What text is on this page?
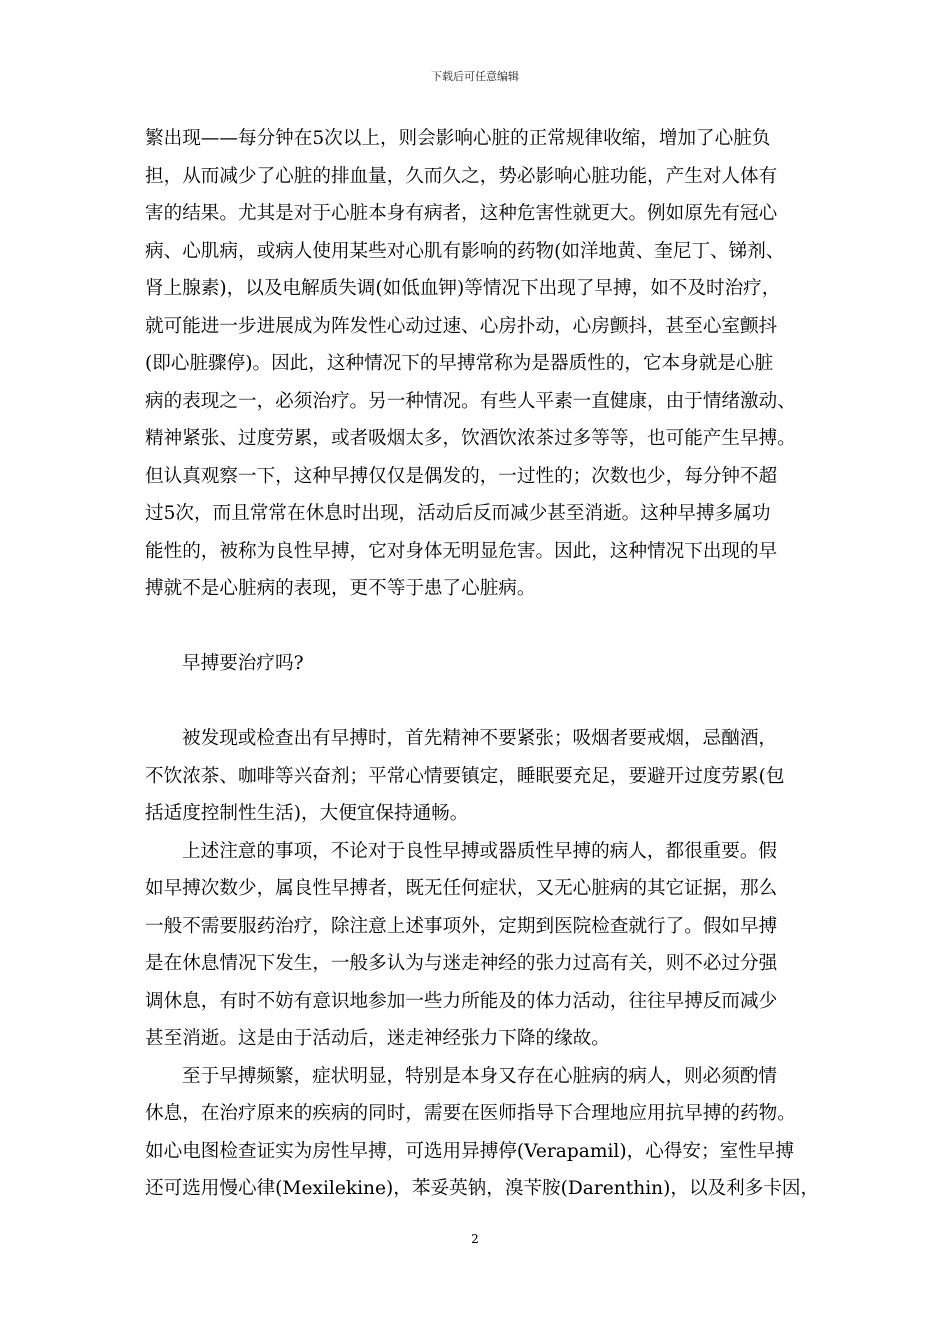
下载后可任意编辑
繁出现——每分钟在5次以上，则会影响心脏的正常规律收缩，增加了心脏负
担，从而减少了心脏的排血量，久而久之，势必影响心脏功能，产生对人体有
害的结果。尤其是对于心脏本身有病者，这种危害性就更大。例如原先有冠心
病、心肌病，或病人使用某些对心肌有影响的药物(如洋地黄、奎尼丁、锑剂、
肾上腺素)，以及电解质失调(如低血钾)等情况下出现了早搏，如不及时治疗，
就可能进一步进展成为阵发性心动过速、心房扑动，心房颤抖，甚至心室颤抖
(即心脏骤停)。因此，这种情况下的早搏常称为是器质性的，它本身就是心脏
病的表现之一，必须治疗。另一种情况。有些人平素一直健康，由于情绪激动、
精神紧张、过度劳累，或者吸烟太多，饮酒饮浓茶过多等等，也可能产生早搏。
但认真观察一下，这种早搏仅仅是偶发的，一过性的；次数也少，每分钟不超
过5次，而且常常在休息时出现，活动后反而减少甚至消逝。这种早搏多属功
能性的，被称为良性早搏，它对身体无明显危害。因此，这种情况下出现的早
搏就不是心脏病的表现，更不等于患了心脏病。
早搏要治疗吗?
被发现或检查出有早搏时，首先精神不要紧张；吸烟者要戒烟，忌酗酒，
不饮浓茶、咖啡等兴奋剂；平常心情要镇定，睡眠要充足，要避开过度劳累(包
括适度控制性生活)，大便宜保持通畅。
上述注意的事项，不论对于良性早搏或器质性早搏的病人，都很重要。假
如早搏次数少，属良性早搏者，既无任何症状，又无心脏病的其它证据，那么
一般不需要服药治疗，除注意上述事项外，定期到医院检查就行了。假如早搏
是在休息情况下发生，一般多认为与迷走神经的张力过高有关，则不必过分强
调休息，有时不妨有意识地参加一些力所能及的体力活动，往往早搏反而减少
甚至消逝。这是由于活动后，迷走神经张力下降的缘故。
至于早搏频繁，症状明显，特别是本身又存在心脏病的病人，则必须酌情
休息，在治疗原来的疾病的同时，需要在医师指导下合理地应用抗早搏的药物。
如心电图检查证实为房性早搏，可选用异搏停(Verapamil)，心得安；室性早搏
还可选用慢心律(Mexilekine)，苯妥英钠，溴苄胺(Darenthin)，以及利多卡因，
2
